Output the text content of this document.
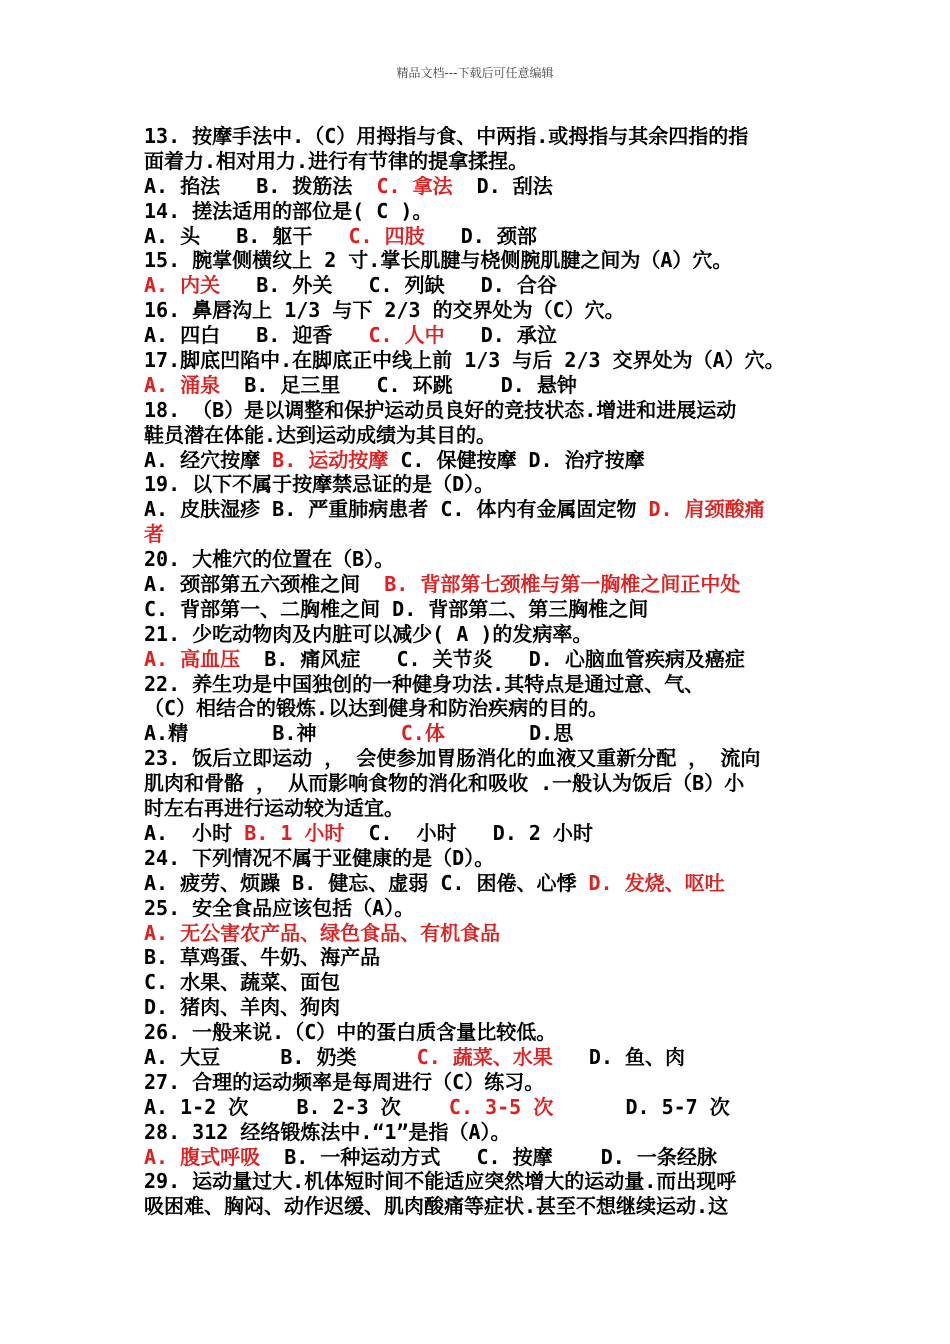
精品文档---下载后可任意编辑
13. 按摩手法中.（C）用拇指与食、中两指.或拇指与其余四指的指
面着力.相对用力.进行有节律的提拿揉捏。
A. 掐法   B. 拨筋法  C. 拿法  D. 刮法
14. 搓法适用的部位是( C )。
A. 头   B. 躯干   C. 四肢   D. 颈部
15. 腕掌侧横纹上 2 寸.掌长肌腱与桡侧腕肌腱之间为（A）穴。
A. 内关   B. 外关   C. 列缺   D. 合谷
16. 鼻唇沟上 1/3 与下 2/3 的交界处为（C）穴。
A. 四白   B. 迎香   C. 人中   D. 承泣
17.脚底凹陷中.在脚底正中线上前 1/3 与后 2/3 交界处为（A）穴。
A. 涌泉  B. 足三里   C. 环跳    D. 悬钟
18. （B）是以调整和保护运动员良好的竞技状态.增进和进展运动
鞋员潜在体能.达到运动成绩为其目的。
A. 经穴按摩 B. 运动按摩 C. 保健按摩 D. 治疗按摩
19. 以下不属于按摩禁忌证的是（D）。
A. 皮肤湿疹 B. 严重肺病患者 C. 体内有金属固定物 D. 肩颈酸痛
者
20. 大椎穴的位置在（B）。
A. 颈部第五六颈椎之间  B. 背部第七颈椎与第一胸椎之间正中处
C. 背部第一、二胸椎之间 D. 背部第二、第三胸椎之间
21. 少吃动物肉及内脏可以减少( A )的发病率。
A. 高血压  B. 痛风症   C. 关节炎   D. 心脑血管疾病及癌症
22. 养生功是中国独创的一种健身功法.其特点是通过意、气、
（C）相结合的锻炼.以达到健身和防治疾病的目的。
A.精       B.神       C.体       D.思
23. 饭后立即运动 ， 会使参加胃肠消化的血液又重新分配 ， 流向
肌肉和骨骼 ， 从而影响食物的消化和吸收 .一般认为饭后（B）小
时左右再进行运动较为适宜。
A.  小时 B. 1 小时  C.  小时   D. 2 小时
24. 下列情况不属于亚健康的是（D）。
A. 疲劳、烦躁 B. 健忘、虚弱 C. 困倦、心悸 D. 发烧、呕吐
25. 安全食品应该包括（A）。
A. 无公害农产品、绿色食品、有机食品
B. 草鸡蛋、牛奶、海产品
C. 水果、蔬菜、面包
D. 猪肉、羊肉、狗肉
26. 一般来说.（C）中的蛋白质含量比较低。
A. 大豆     B. 奶类     C. 蔬菜、水果   D. 鱼、肉
27. 合理的运动频率是每周进行（C）练习。
A. 1-2 次    B. 2-3 次    C. 3-5 次      D. 5-7 次
28. 312 经络锻炼法中.“1”是指（A）。
A. 腹式呼吸  B. 一种运动方式   C. 按摩    D. 一条经脉
29. 运动量过大.机体短时间不能适应突然增大的运动量.而出现呼
吸困难、胸闷、动作迟缓、肌肉酸痛等症状.甚至不想继续运动.这
